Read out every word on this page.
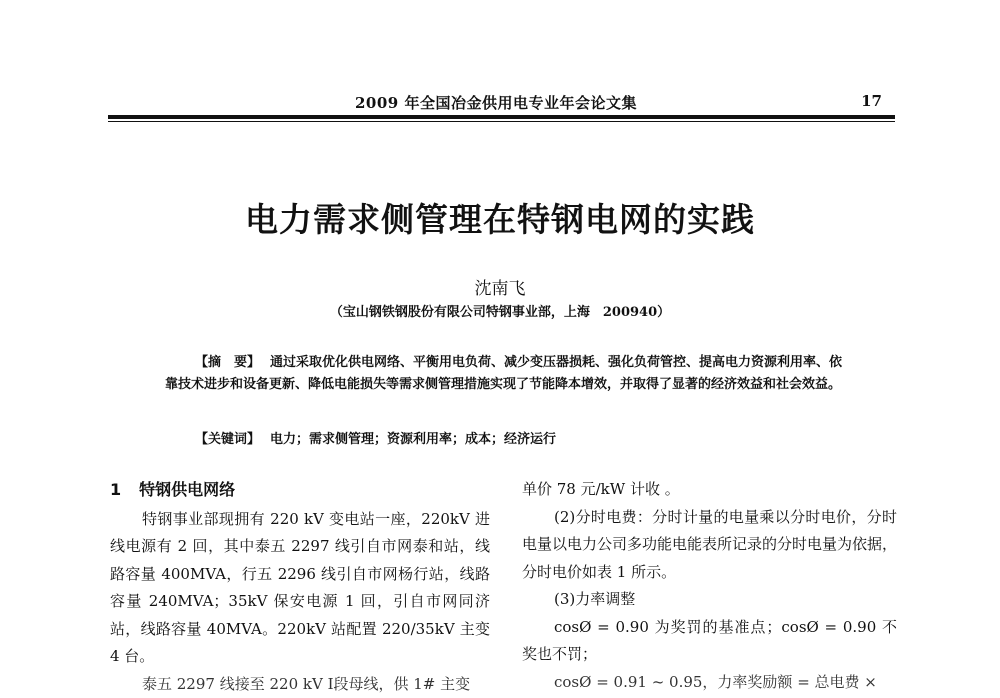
2009 年全国冶金供用电专业年会论文集	17
电力需求侧管理在特钢电网的实践
沈南飞
（宝山钢铁钢股份有限公司特钢事业部，上海　200940）
【摘　要】 通过采取优化供电网络、平衡用电负荷、减少变压器损耗、强化负荷管控、提高电力资源利用率、依靠技术进步和设备更新、降低电能损失等需求侧管理措施实现了节能降本增效，并取得了显著的经济效益和社会效益。
【关键词】 电力；需求侧管理；资源利用率；成本；经济运行
1 特钢供电网络

特钢事业部现拥有 220 kV 变电站一座，220kV 进线电源有 2 回，其中泰五 2297 线引自市网泰和站，线路容量 400MVA，行五 2296 线引自市网杨行站，线路容量 240MVA；35kV 保安电源 1 回，引自市网同济站，线路容量 40MVA。220kV 站配置 220/35kV 主变 4 台。

泰五 2297 线接至 220 kV Ⅰ段母线，供 1# 主变

单价 78 元/kW 计收 。

(2)分时电费：分时计量的电量乘以分时电价，分时电量以电力公司多功能电能表所记录的分时电量为依据，分时电价如表 1 所示。

(3)力率调整

cosØ = 0.90 为奖罚的基准点；cosØ = 0.90 不奖也不罚；

cosØ = 0.91 ~ 0.95，力率奖励额 = 总电费 ×
